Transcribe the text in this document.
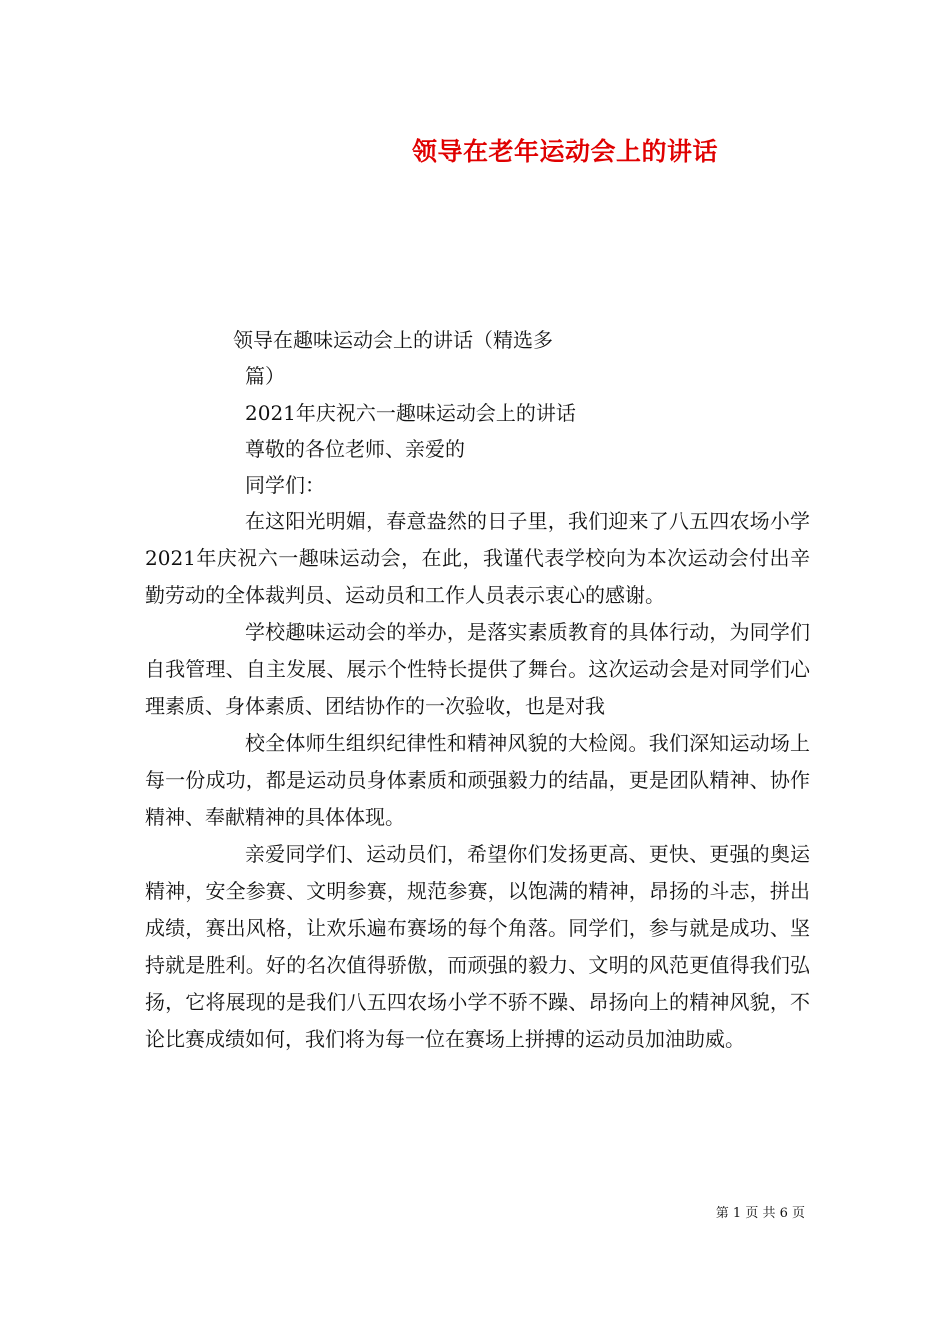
领导在老年运动会上的讲话
领导在趣味运动会上的讲话（精选多
篇）
2021年庆祝六一趣味运动会上的讲话
尊敬的各位老师、亲爱的
同学们：

在这阳光明媚，春意盎然的日子里，我们迎来了八五四农场小学2021年庆祝六一趣味运动会，在此，我谨代表学校向为本次运动会付出辛勤劳动的全体裁判员、运动员和工作人员表示衷心的感谢。

学校趣味运动会的举办，是落实素质教育的具体行动，为同学们自我管理、自主发展、展示个性特长提供了舞台。这次运动会是对同学们心理素质、身体素质、团结协作的一次验收，也是对我

校全体师生组织纪律性和精神风貌的大检阅。我们深知运动场上每一份成功，都是运动员身体素质和顽强毅力的结晶，更是团队精神、协作精神、奉献精神的具体体现。

亲爱同学们、运动员们，希望你们发扬更高、更快、更强的奥运精神，安全参赛、文明参赛，规范参赛，以饱满的精神，昂扬的斗志，拼出成绩，赛出风格，让欢乐遍布赛场的每个角落。同学们，参与就是成功、坚持就是胜利。好的名次值得骄傲，而顽强的毅力、文明的风范更值得我们弘扬，它将展现的是我们八五四农场小学不骄不躁、昂扬向上的精神风貌，不论比赛成绩如何，我们将为每一位在赛场上拼搏的运动员加油助威。

第 1 页 共 6 页
